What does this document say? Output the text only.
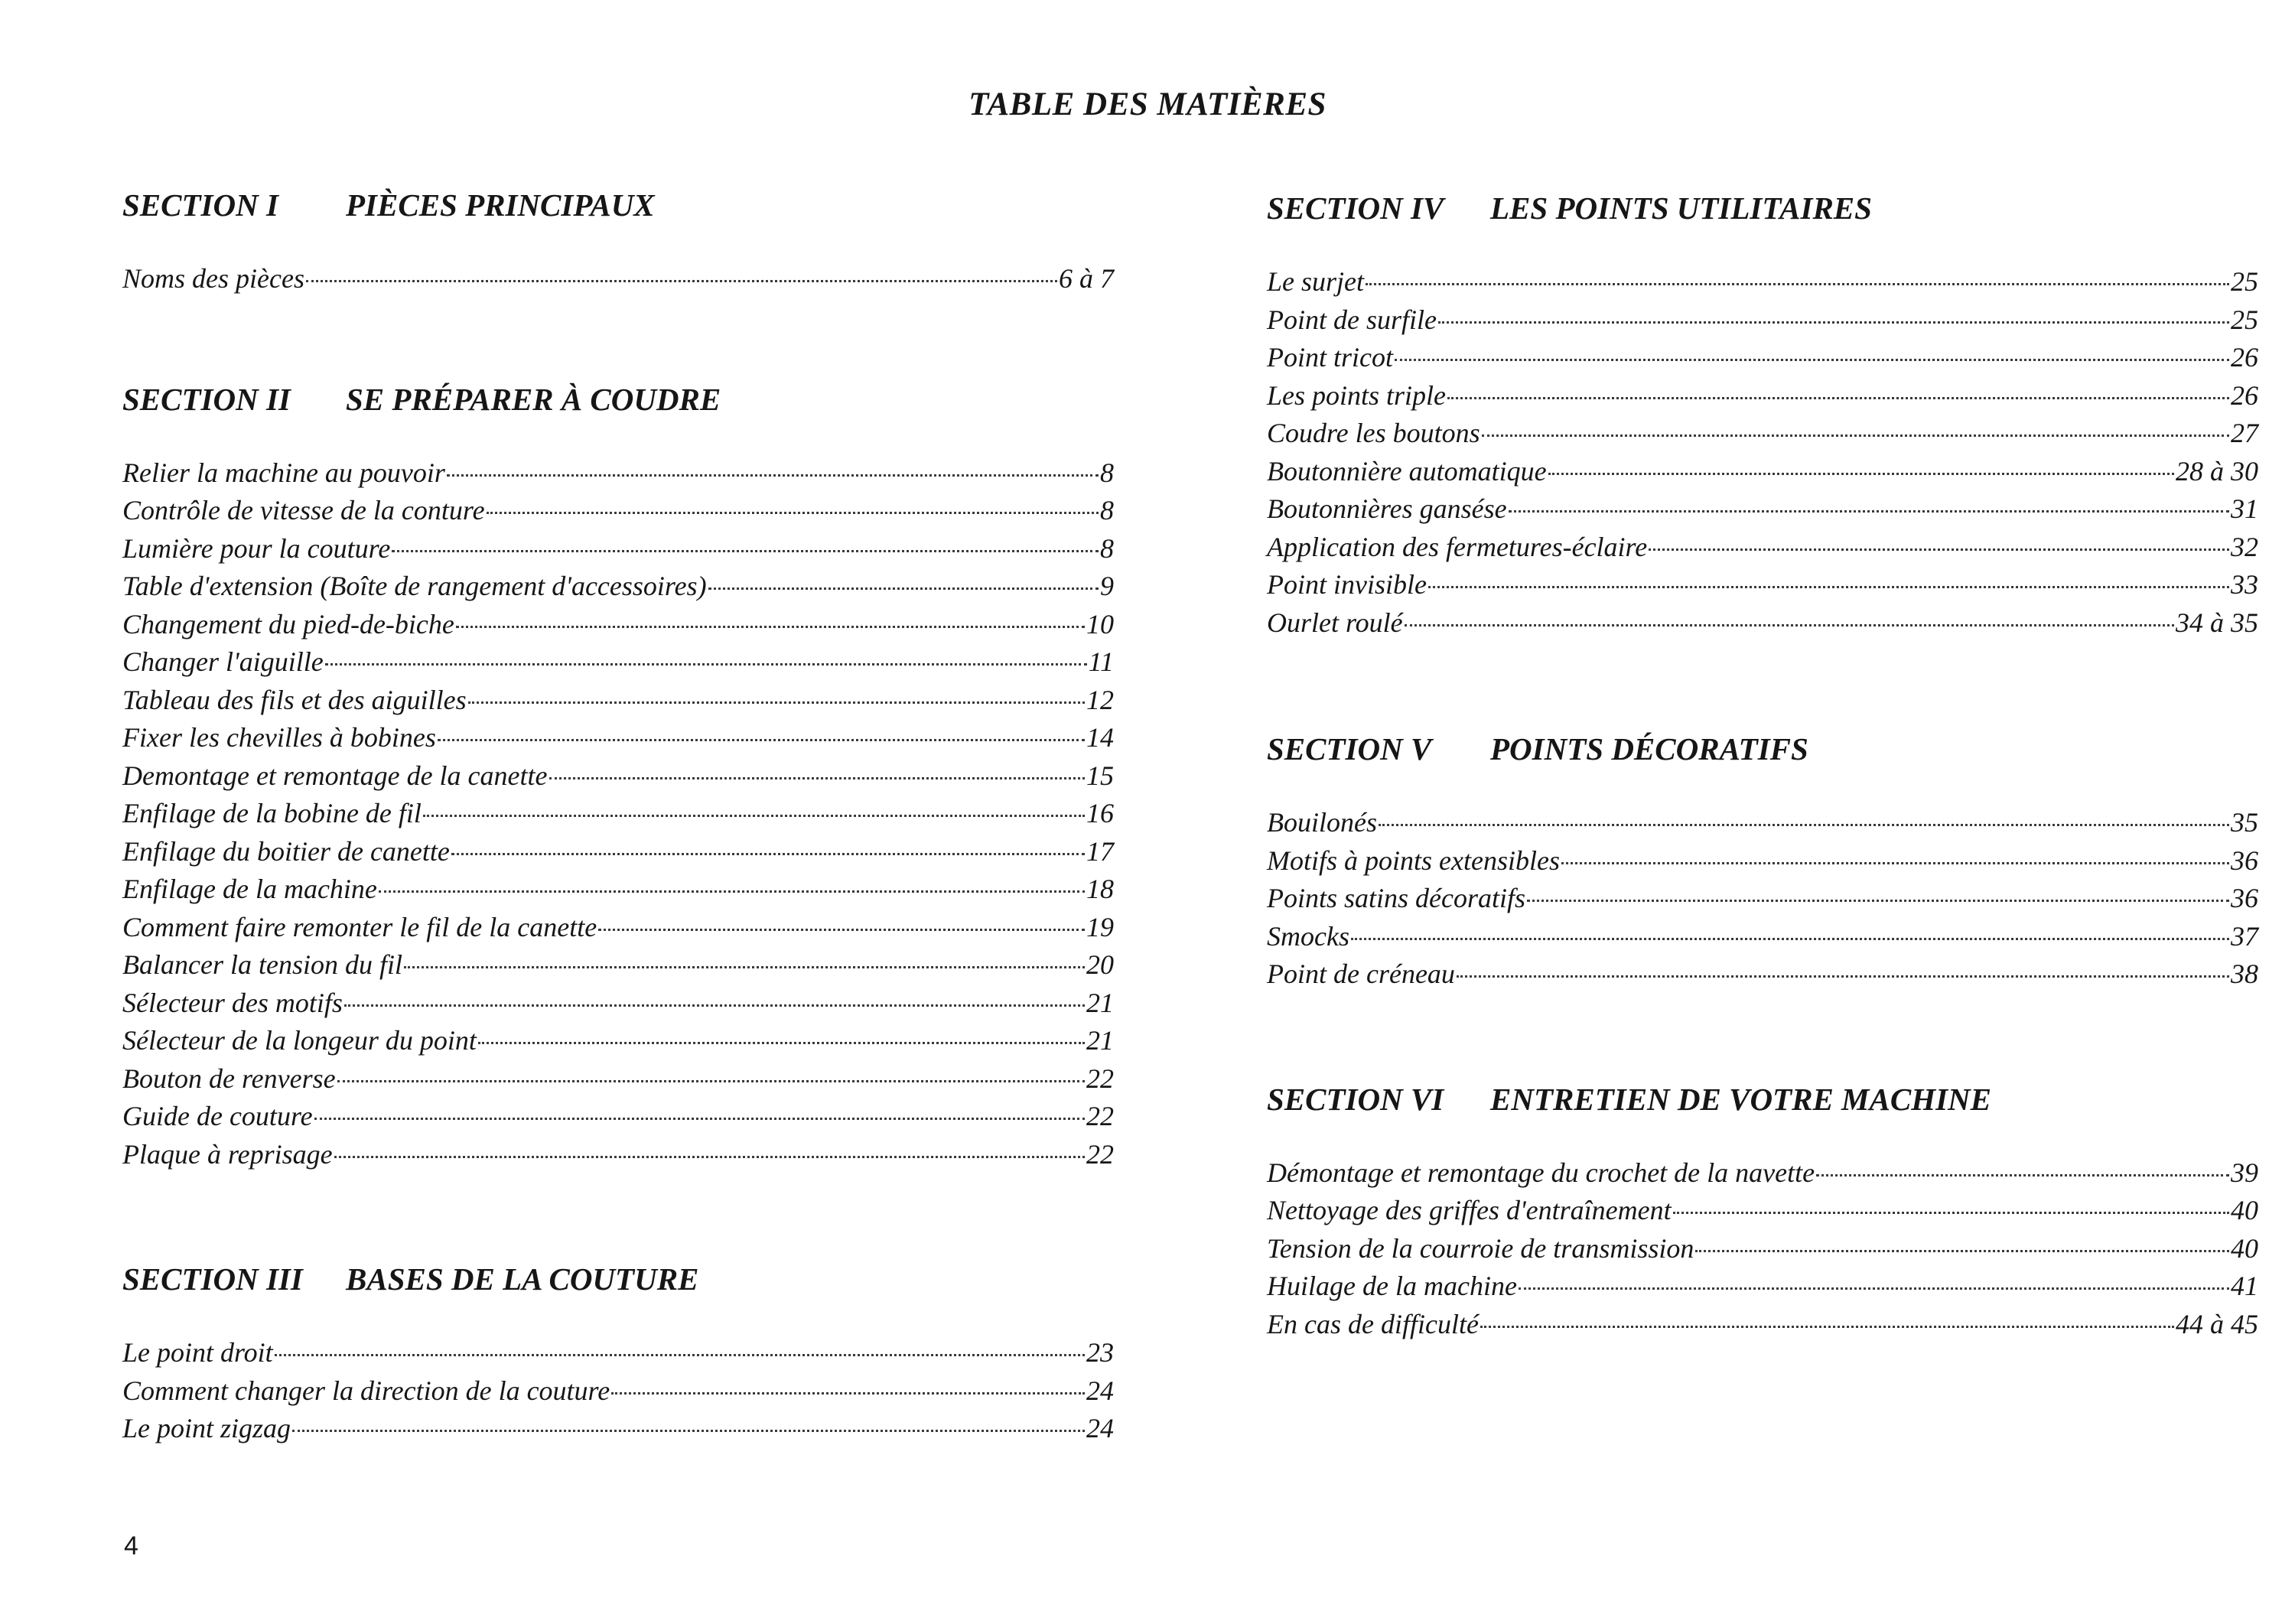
TABLE DES MATIÈRES
SECTION I PIÈCES PRINCIPAUX
Noms des pièces	6 à 7
SECTION II SE PRÉPARER À COUDRE
Relier la machine au pouvoir	8
Contrôle de vitesse de la conture	8
Lumière pour la couture	8
Table d'extension (Boîte de rangement d'accessoires)	9
Changement du pied-de-biche	10
Changer l'aiguille	11
Tableau des fils et des aiguilles	12
Fixer les chevilles à bobines	14
Demontage et remontage de la canette	15
Enfilage de la bobine de fil	16
Enfilage du boitier de canette	17
Enfilage de la machine	18
Comment faire remonter le fil de la canette	19
Balancer la tension du fil	20
Sélecteur des motifs	21
Sélecteur de la longeur du point	21
Bouton de renverse	22
Guide de couture	22
Plaque à reprisage	22
SECTION III BASES DE LA COUTURE
Le point droit	23
Comment changer la direction de la couture	24
Le point zigzag	24
SECTION IV LES POINTS UTILITAIRES
Le surjet	25
Point de surfile	25
Point tricot	26
Les points triple	26
Coudre les boutons	27
Boutonnière automatique	28 à 30
Boutonnières gansése	31
Application des fermetures-éclaire	32
Point invisible	33
Ourlet roulé	34 à 35
SECTION V POINTS DÉCORATIFS
Bouilonés	35
Motifs à points extensibles	36
Points satins décoratifs	36
Smocks	37
Point de créneau	38
SECTION VI ENTRETIEN DE VOTRE MACHINE
Démontage et remontage du crochet de la navette	39
Nettoyage des griffes d'entraînement	40
Tension de la courroie de transmission	40
Huilage de la machine	41
En cas de difficulté	44 à 45
4
